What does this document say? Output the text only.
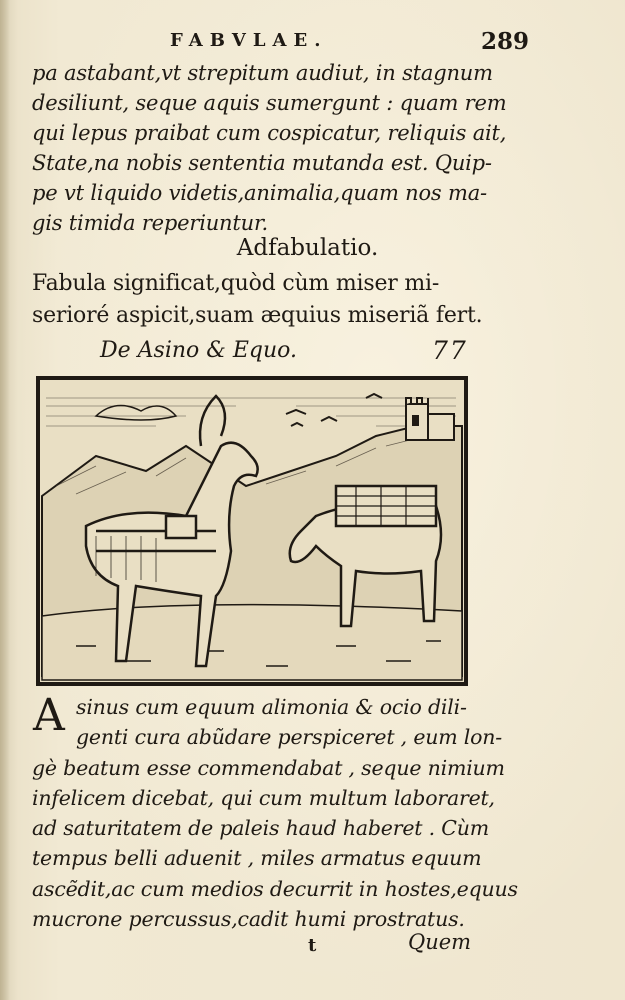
FABVLAE.	289
pa astabant,vt strepitum audiut, in stagnum
desiliunt, seque aquis sumergunt : quam rem
qui lepus praibat cum cospicatur, reliquis ait,
State,na nobis sententia mutanda est. Quip-
pe vt liquido videtis,animalia,quam nos ma-
gis timida reperiuntur.
Adfabulatio.
Fabula significat,quòd cùm miser mi-
serioré aspicit,suam æquius miseriã fert.
De Asino & Equo.	77
A sinus cum equum alimonia & ocio dili-
genti cura abũdare perspiceret , eum lon-
gè beatum esse commendabat , seque nimium
infelicem dicebat, qui cum multum laboraret,
ad saturitatem de paleis haud haberet . Cùm
tempus belli aduenit , miles armatus equum
ascẽdit,ac cum medios decurrit in hostes,equus
mucrone percussus,cadit humi prostratus.
t	Quem
